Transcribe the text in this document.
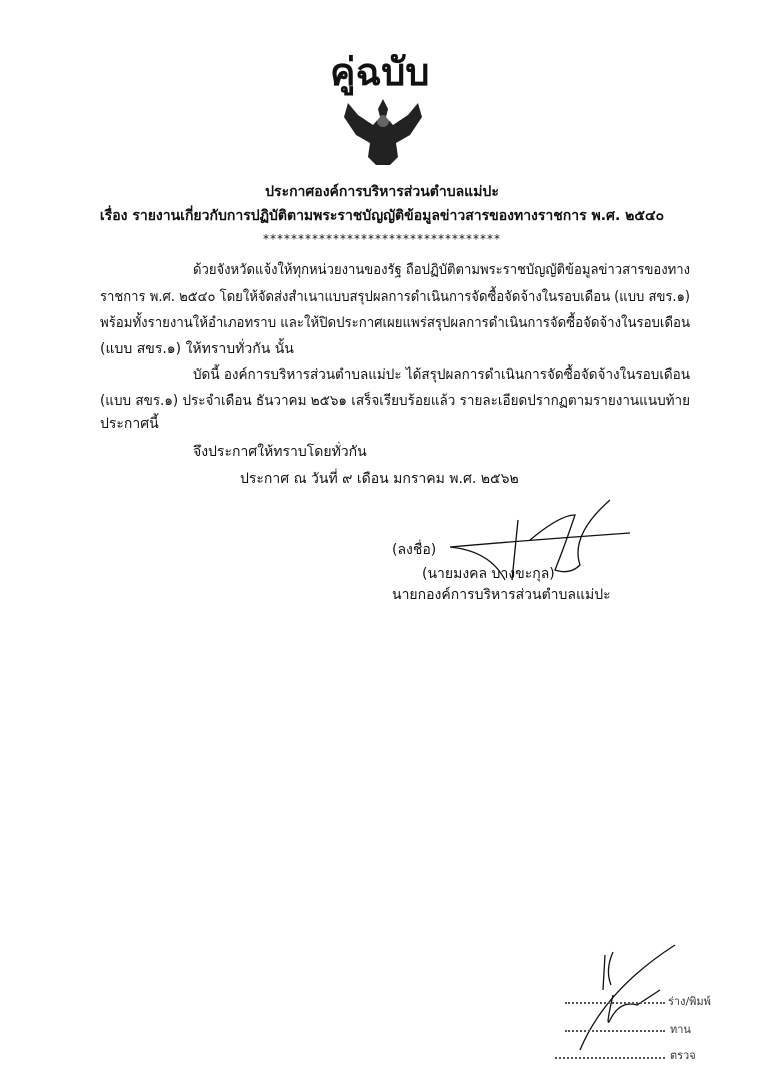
คู่ฉบับ
ประกาศองค์การบริหารส่วนตำบลแม่ปะ
เรื่อง รายงานเกี่ยวกับการปฏิบัติตามพระราชบัญญัติข้อมูลข่าวสารของทางราชการ พ.ศ. ๒๕๔๐
**********************************
ด้วยจังหวัดแจ้งให้ทุกหน่วยงานของรัฐ ถือปฏิบัติตามพระราชบัญญัติข้อมูลข่าวสารของทาง
ราชการ พ.ศ. ๒๕๔๐ โดยให้จัดส่งสำเนาแบบสรุปผลการดำเนินการจัดซื้อจัดจ้างในรอบเดือน (แบบ สขร.๑)
พร้อมทั้งรายงานให้อำเภอทราบ และให้ปิดประกาศเผยแพร่สรุปผลการดำเนินการจัดซื้อจัดจ้างในรอบเดือน
(แบบ สขร.๑) ให้ทราบทั่วกัน นั้น
บัดนี้ องค์การบริหารส่วนตำบลแม่ปะ ได้สรุปผลการดำเนินการจัดซื้อจัดจ้างในรอบเดือน
(แบบ สขร.๑) ประจำเดือน ธันวาคม ๒๕๖๑ เสร็จเรียบร้อยแล้ว รายละเอียดปรากฏตามรายงานแนบท้าย
ประกาศนี้
จึงประกาศให้ทราบโดยทั่วกัน
ประกาศ ณ วันที่ ๙ เดือน มกราคม พ.ศ. ๒๕๖๒
(ลงชื่อ)
(นายมงคล บางขะกุล)
นายกองค์การบริหารส่วนตำบลแม่ปะ
ร่าง/พิมพ์
ทาน
ตรวจ
